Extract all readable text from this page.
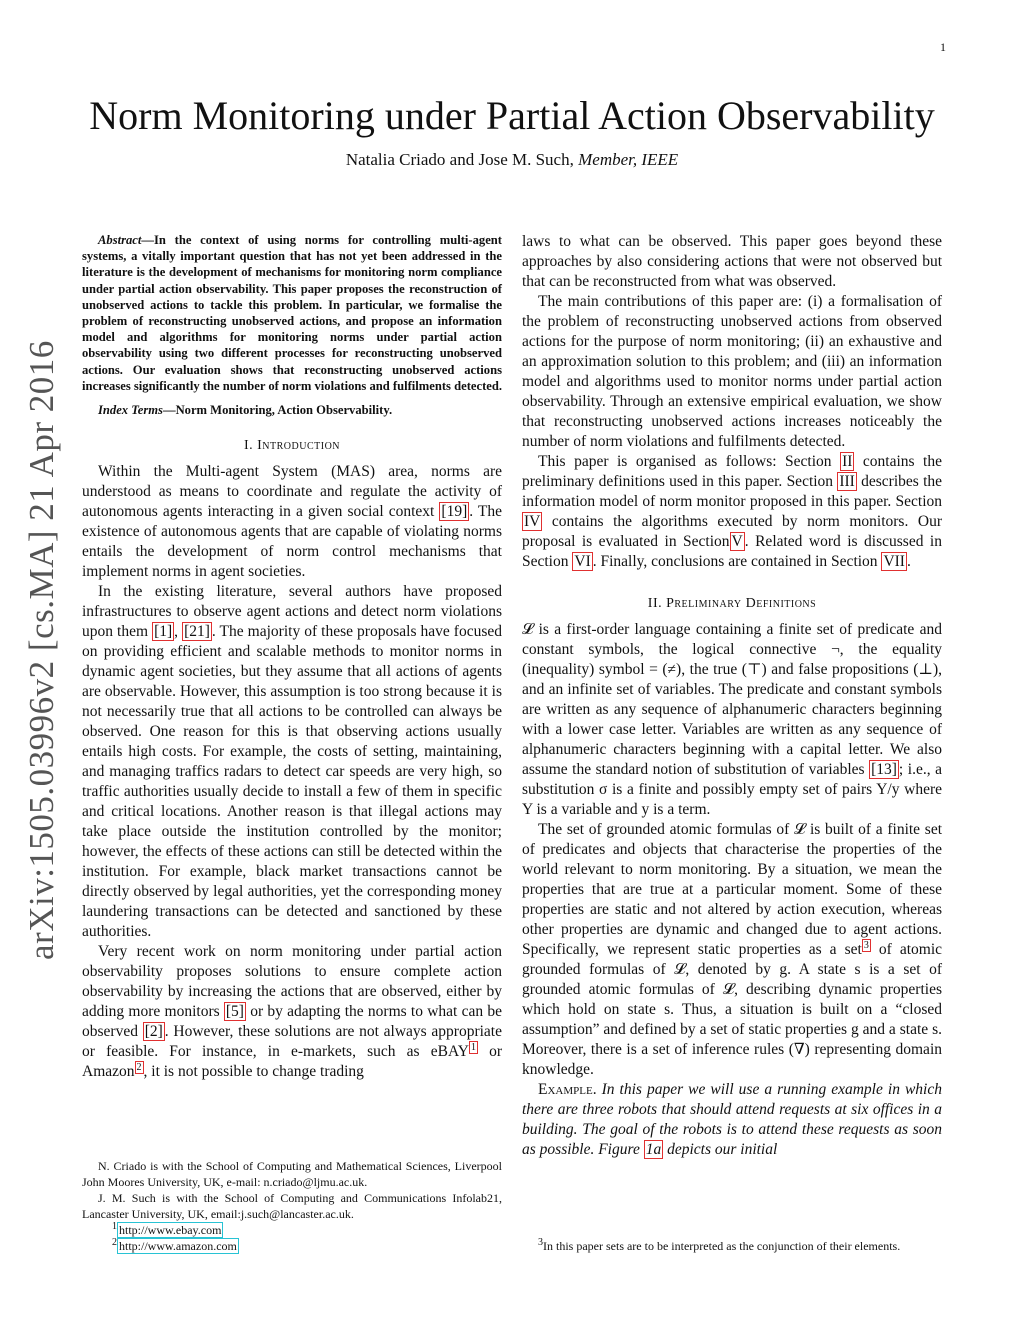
1
arXiv:1505.03996v2 [cs.MA] 21 Apr 2016
Norm Monitoring under Partial Action Observability
Natalia Criado and Jose M. Such, Member, IEEE

Abstract—In the context of using norms for controlling multi-agent systems, a vitally important question that has not yet been addressed in the literature is the development of mechanisms for monitoring norm compliance under partial action observability. This paper proposes the reconstruction of unobserved actions to tackle this problem. In particular, we formalise the problem of reconstructing unobserved actions, and propose an information model and algorithms for monitoring norms under partial action observability using two different processes for reconstructing unobserved actions. Our evaluation shows that reconstructing unobserved actions increases significantly the number of norm violations and fulfilments detected.

Index Terms—Norm Monitoring, Action Observability.

I. Introduction

Within the Multi-agent System (MAS) area, norms are understood as means to coordinate and regulate the activity of autonomous agents interacting in a given social context [19] . The existence of autonomous agents that are capable of violating norms entails the development of norm control mechanisms that implement norms in agent societies.

In the existing literature, several authors have proposed infrastructures to observe agent actions and detect norm violations upon them [1] , [21] . The majority of these proposals have focused on providing efficient and scalable methods to monitor norms in dynamic agent societies, but they assume that all actions of agents are observable. However, this assumption is too strong because it is not necessarily true that all actions to be controlled can always be observed. One reason for this is that observing actions usually entails high costs. For example, the costs of setting, maintaining, and managing traffics radars to detect car speeds are very high, so traffic authorities usually decide to install a few of them in specific and critical locations. Another reason is that illegal actions may take place outside the institution controlled by the monitor; however, the effects of these actions can still be detected within the institution. For example, black market transactions cannot be directly observed by legal authorities, yet the corresponding money laundering transactions can be detected and sanctioned by these authorities.

Very recent work on norm monitoring under partial action observability proposes solutions to ensure complete action observability by increasing the actions that are observed, either by adding more monitors [5] or by adapting the norms to what can be observed [2] . However, these solutions are not always appropriate or feasible. For instance, in e-markets, such as eBAY $^1$ or Amazon $^2$ , it is not possible to change trading

N. Criado is with the School of Computing and Mathematical Sciences, Liverpool John Moores University, UK, e-mail: n.criado@ljmu.ac.uk.

J. M. Such is with the School of Computing and Communications Infolab21, Lancaster University, UK, email:j.such@lancaster.ac.uk.

$^1$ http://www.ebay.com

$^2$ http://www.amazon.com

laws to what can be observed. This paper goes beyond these approaches by also considering actions that were not observed but that can be reconstructed from what was observed.

The main contributions of this paper are: (i) a formalisation of the problem of reconstructing unobserved actions from observed actions for the purpose of norm monitoring; (ii) an exhaustive and an approximation solution to this problem; and (iii) an information model and algorithms used to monitor norms under partial action observability. Through an extensive empirical evaluation, we show that reconstructing unobserved actions increases noticeably the number of norm violations and fulfilments detected.

This paper is organised as follows: Section II contains the preliminary definitions used in this paper. Section III describes the information model of norm monitor proposed in this paper. Section IV contains the algorithms executed by norm monitors. Our proposal is evaluated in Section V . Related word is discussed in Section VI . Finally, conclusions are contained in Section VII .

II. Preliminary Definitions

𝓛 is a first-order language containing a finite set of predicate and constant symbols, the logical connective ¬, the equality (inequality) symbol = (≠), the true (⊤) and false propositions (⊥), and an infinite set of variables. The predicate and constant symbols are written as any sequence of alphanumeric characters beginning with a lower case letter. Variables are written as any sequence of alphanumeric characters beginning with a capital letter. We also assume the standard notion of substitution of variables [13] ; i.e., a substitution σ is a finite and possibly empty set of pairs Y/y where Y is a variable and y is a term.

The set of grounded atomic formulas of 𝓛 is built of a finite set of predicates and objects that characterise the properties of the world relevant to norm monitoring. By a situation, we mean the properties that are true at a particular moment. Some of these properties are static and not altered by action execution, whereas other properties are dynamic and changed due to agent actions. Specifically, we represent static properties as a set $^3$ of atomic grounded formulas of 𝓛, denoted by g. A state s is a set of grounded atomic formulas of 𝓛, describing dynamic properties which hold on state s. Thus, a situation is built on a “closed assumption” and defined by a set of static properties g and a state s. Moreover, there is a set of inference rules (∇) representing domain knowledge.

Example. In this paper we will use a running example in which there are three robots that should attend requests at six offices in a building. The goal of the robots is to attend these requests as soon as possible. Figure 1a depicts our initial

$^3$In this paper sets are to be interpreted as the conjunction of their elements.
